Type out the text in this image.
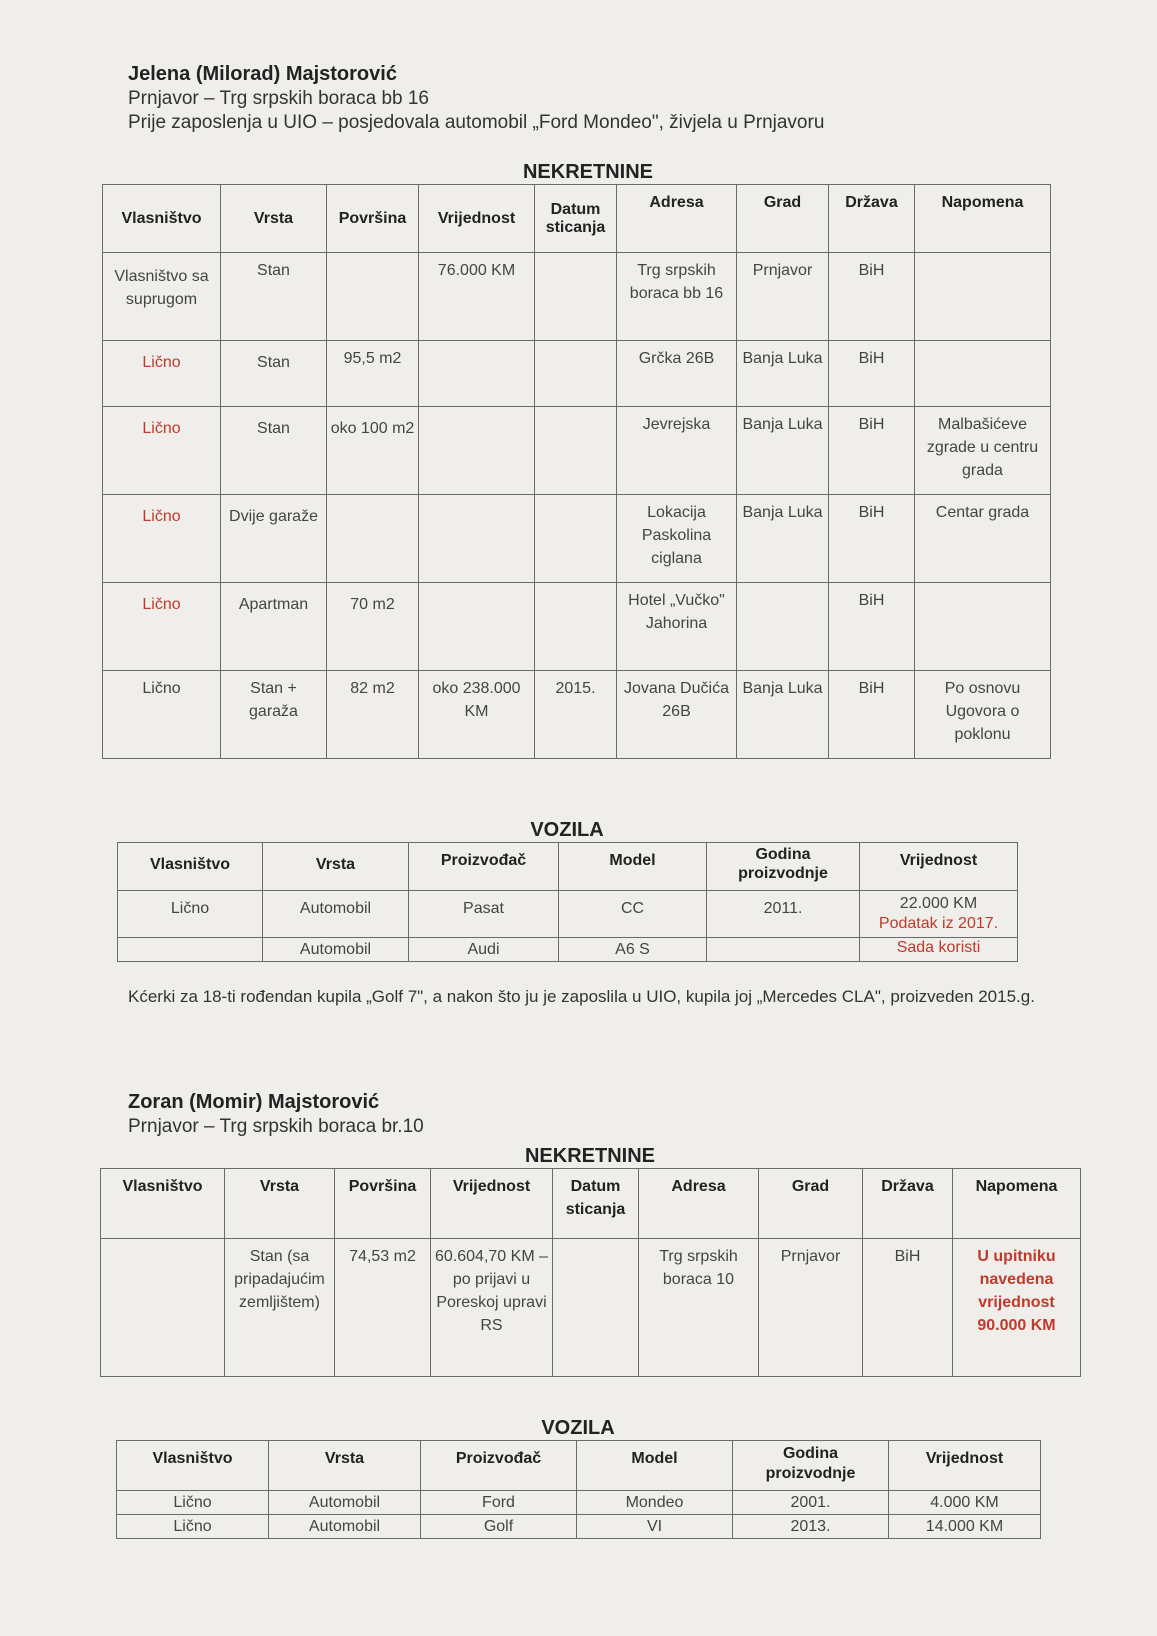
Jelena (Milorad) Majstorović

Prnjavor – Trg srpskih boraca bb 16

Prije zaposlenja u UIO – posjedovala automobil „Ford Mondeo", živjela u Prnjavoru

NEKRETNINE

Vlasništvo	Vrsta	Površina	Vrijednost	Datum sticanja	Adresa	Grad	Država	Napomena
Vlasništvo sa suprugom	Stan		76.000 KM		Trg srpskih boraca bb 16	Prnjavor	BiH	
Lično	Stan	95,5 m2			Grčka 26B	Banja Luka	BiH	
Lično	Stan	oko 100 m2			Jevrejska	Banja Luka	BiH	Malbašićeve zgrade u centru grada
Lično	Dvije garaže				Lokacija Paskolina ciglana	Banja Luka	BiH	Centar grada
Lično	Apartman	70 m2			Hotel „Vučko" Jahorina		BiH	
Lično	Stan + garaža	82 m2	oko 238.000 KM	2015.	Jovana Dučića 26B	Banja Luka	BiH	Po osnovu Ugovora o poklonu

VOZILA

Vlasništvo	Vrsta	Proizvođač	Model	Godina proizvodnje	Vrijednost
Lično	Automobil	Pasat	CC	2011.	22.000 KM
Podatak iz 2017.

	Automobil	Audi	A6 S		Sada koristi

Kćerki za 18-ti rođendan kupila „Golf 7", a nakon što ju je zaposlila u UIO, kupila joj „Mercedes CLA", proizveden 2015.g.

Zoran (Momir) Majstorović

Prnjavor – Trg srpskih boraca br.10

NEKRETNINE

Vlasništvo	Vrsta	Površina	Vrijednost	Datum sticanja	Adresa	Grad	Država	Napomena
	Stan (sa pripadajućim zemljištem)	74,53 m2	60.604,70 KM – po prijavi u Poreskoj upravi RS		Trg srpskih boraca 10	Prnjavor	BiH	U upitniku navedena vrijednost 90.000 KM

VOZILA

Vlasništvo	Vrsta	Proizvođač	Model	Godina proizvodnje	Vrijednost
Lično	Automobil	Ford	Mondeo	2001.	4.000 KM
Lično	Automobil	Golf	VI	2013.	14.000 KM
